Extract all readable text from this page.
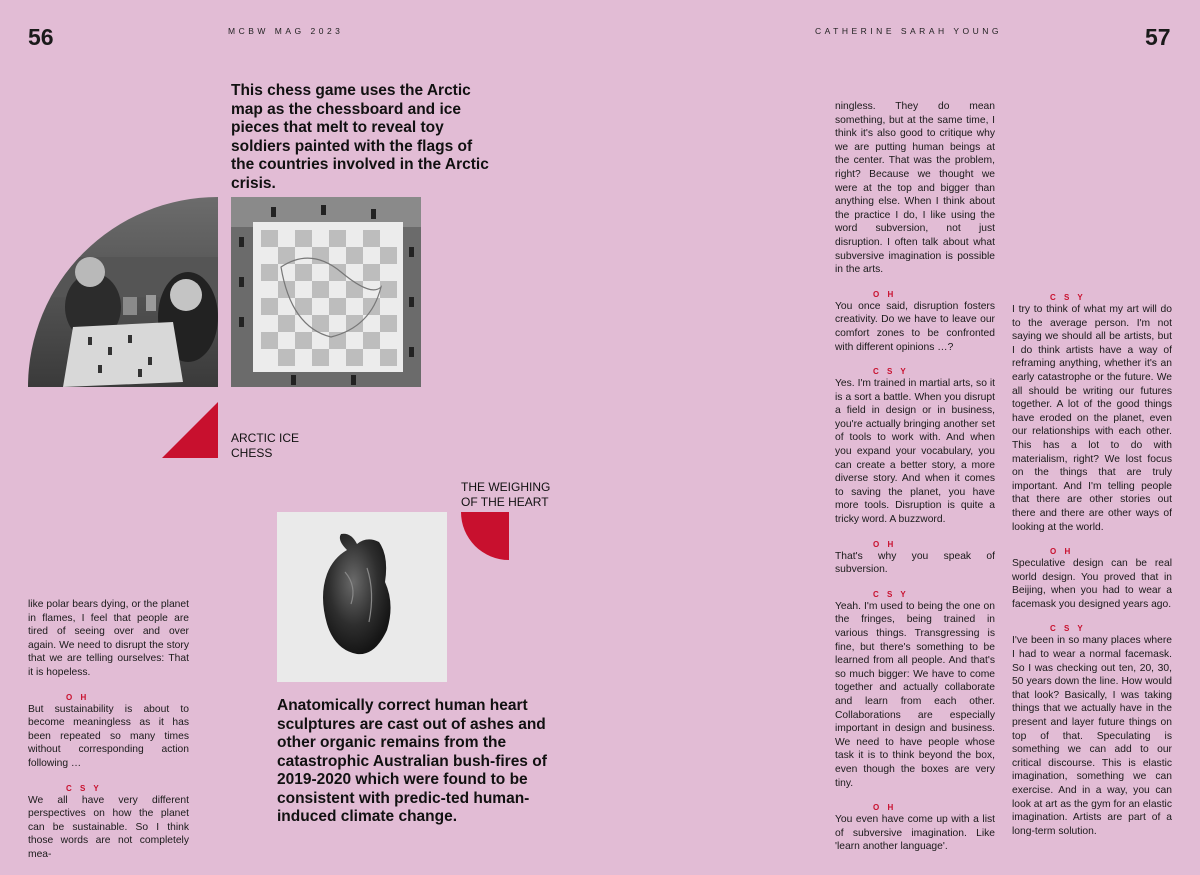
56	MCBW MAG 2023	CATHERINE SARAH YOUNG	57
This chess game uses the Arctic map as the chessboard and ice pieces that melt to reveal toy soldiers painted with the flags of the countries involved in the Arctic crisis.
ARCTIC ICE
CHESS
THE WEIGHING
OF THE HEART
Anatomically correct human heart sculptures are cast out of ashes and other organic remains from the catastrophic Australian bush-fires of 2019-2020 which were found to be consistent with predic-ted human-induced climate change.
like polar bears dying, or the planet in flames, I feel that people are tired of seeing over and over again. We need to disrupt the story that we are telling ourselves: That it is hopeless.
O H
But sustainability is about to become meaningless as it has been repeated so many times without corresponding action following …
C S Y
We all have very different perspectives on how the planet can be sustainable. So I think those words are not completely mea-
ningless. They do mean something, but at the same time, I think it's also good to critique why we are putting human beings at the center. That was the problem, right? Because we thought we were at the top and bigger than anything else. When I think about the practice I do, I like using the word subversion, not just disruption. I often talk about what subversive imagination is possible in the arts.
O H
You once said, disruption fosters creativity. Do we have to leave our comfort zones to be confronted with different opinions …?
C S Y
Yes. I'm trained in martial arts, so it is a sort a battle. When you disrupt a field in design or in business, you're actually bringing another set of tools to work with. And when you expand your vocabulary, you can create a better story, a more diverse story. And when it comes to saving the planet, you have more tools. Disruption is quite a tricky word. A buzzword.
O H
That's why you speak of subversion.
C S Y
Yeah. I'm used to being the one on the fringes, being trained in various things. Transgressing is fine, but there's something to be learned from all people. And that's so much bigger: We have to come together and actually collaborate and learn from each other. Collaborations are especially important in design and business. We need to have people whose task it is to think beyond the box, even though the boxes are very tiny.
O H
You even have come up with a list of subversive imagination. Like 'learn another language'.
C S Y
I try to think of what my art will do to the average person. I'm not saying we should all be artists, but I do think artists have a way of reframing anything, whether it's an early catastrophe or the future. We all should be writing our futures together. A lot of the good things have eroded on the planet, even our relationships with each other. This has a lot to do with materialism, right? We lost focus on the things that are truly important. And I'm telling people that there are other stories out there and there are other ways of looking at the world.
O H
Speculative design can be real world design. You proved that in Beijing, when you had to wear a facemask you designed years ago.
C S Y
I've been in so many places where I had to wear a normal facemask. So I was checking out ten, 20, 30, 50 years down the line. How would that look? Basically, I was taking things that we actually have in the present and layer future things on top of that. Speculating is something we can add to our critical discourse. This is elastic imagination, something we can exercise. And in a way, you can look at art as the gym for an elastic imagination. Artists are part of a long-term solution.
